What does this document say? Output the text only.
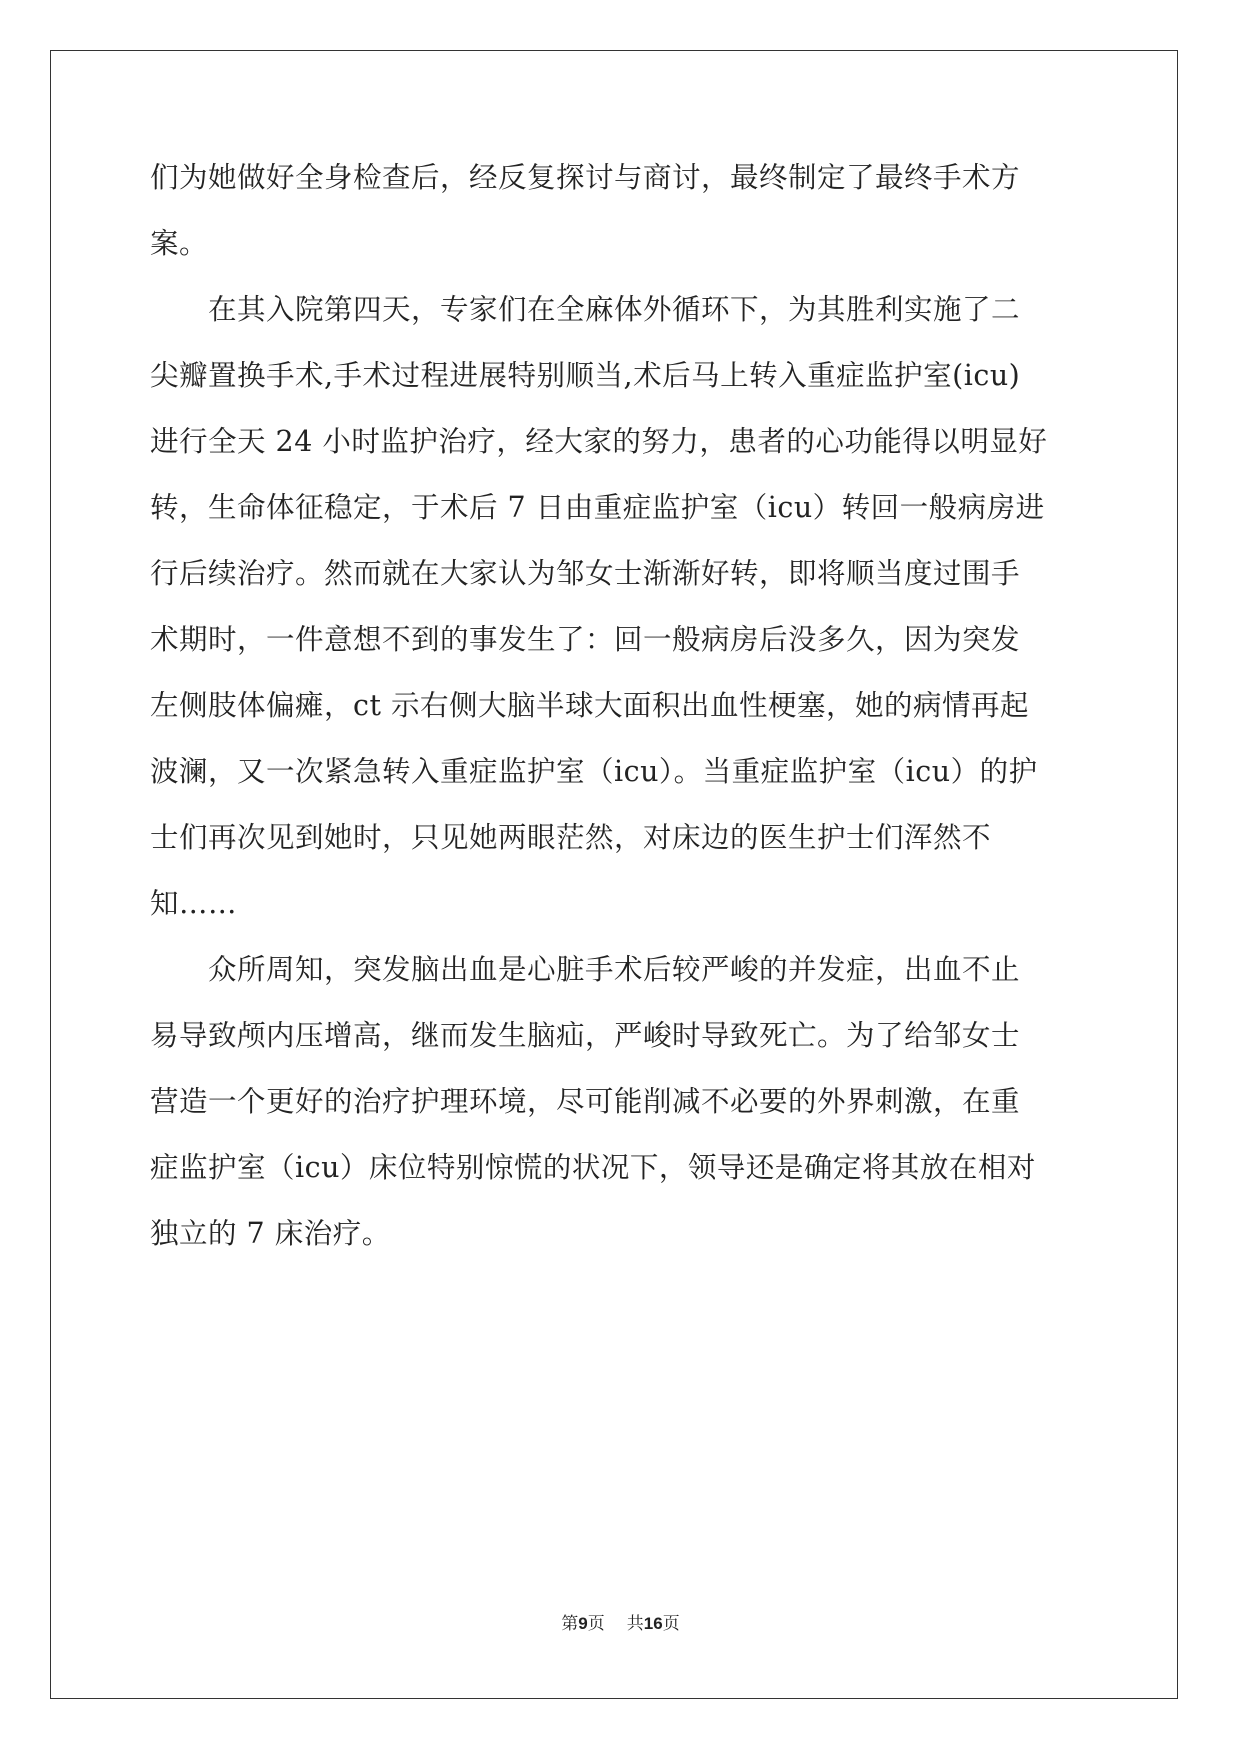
们为她做好全身检查后，经反复探讨与商讨，最终制定了最终手术方
案。
　　在其入院第四天，专家们在全麻体外循环下，为其胜利实施了二
尖瓣置换手术,手术过程进展特别顺当,术后马上转入重症监护室(icu)
进行全天 24 小时监护治疗，经大家的努力，患者的心功能得以明显好
转，生命体征稳定，于术后 7 日由重症监护室（icu）转回一般病房进
行后续治疗。然而就在大家认为邹女士渐渐好转，即将顺当度过围手
术期时，一件意想不到的事发生了：回一般病房后没多久，因为突发
左侧肢体偏瘫，ct 示右侧大脑半球大面积出血性梗塞，她的病情再起
波澜，又一次紧急转入重症监护室（icu）。当重症监护室（icu）的护
士们再次见到她时，只见她两眼茫然，对床边的医生护士们浑然不
知……
　　众所周知，突发脑出血是心脏手术后较严峻的并发症，出血不止
易导致颅内压增高，继而发生脑疝，严峻时导致死亡。为了给邹女士
营造一个更好的治疗护理环境，尽可能削减不必要的外界刺激，在重
症监护室（icu）床位特别惊慌的状况下，领导还是确定将其放在相对
独立的 7 床治疗。
第9页 共16页
